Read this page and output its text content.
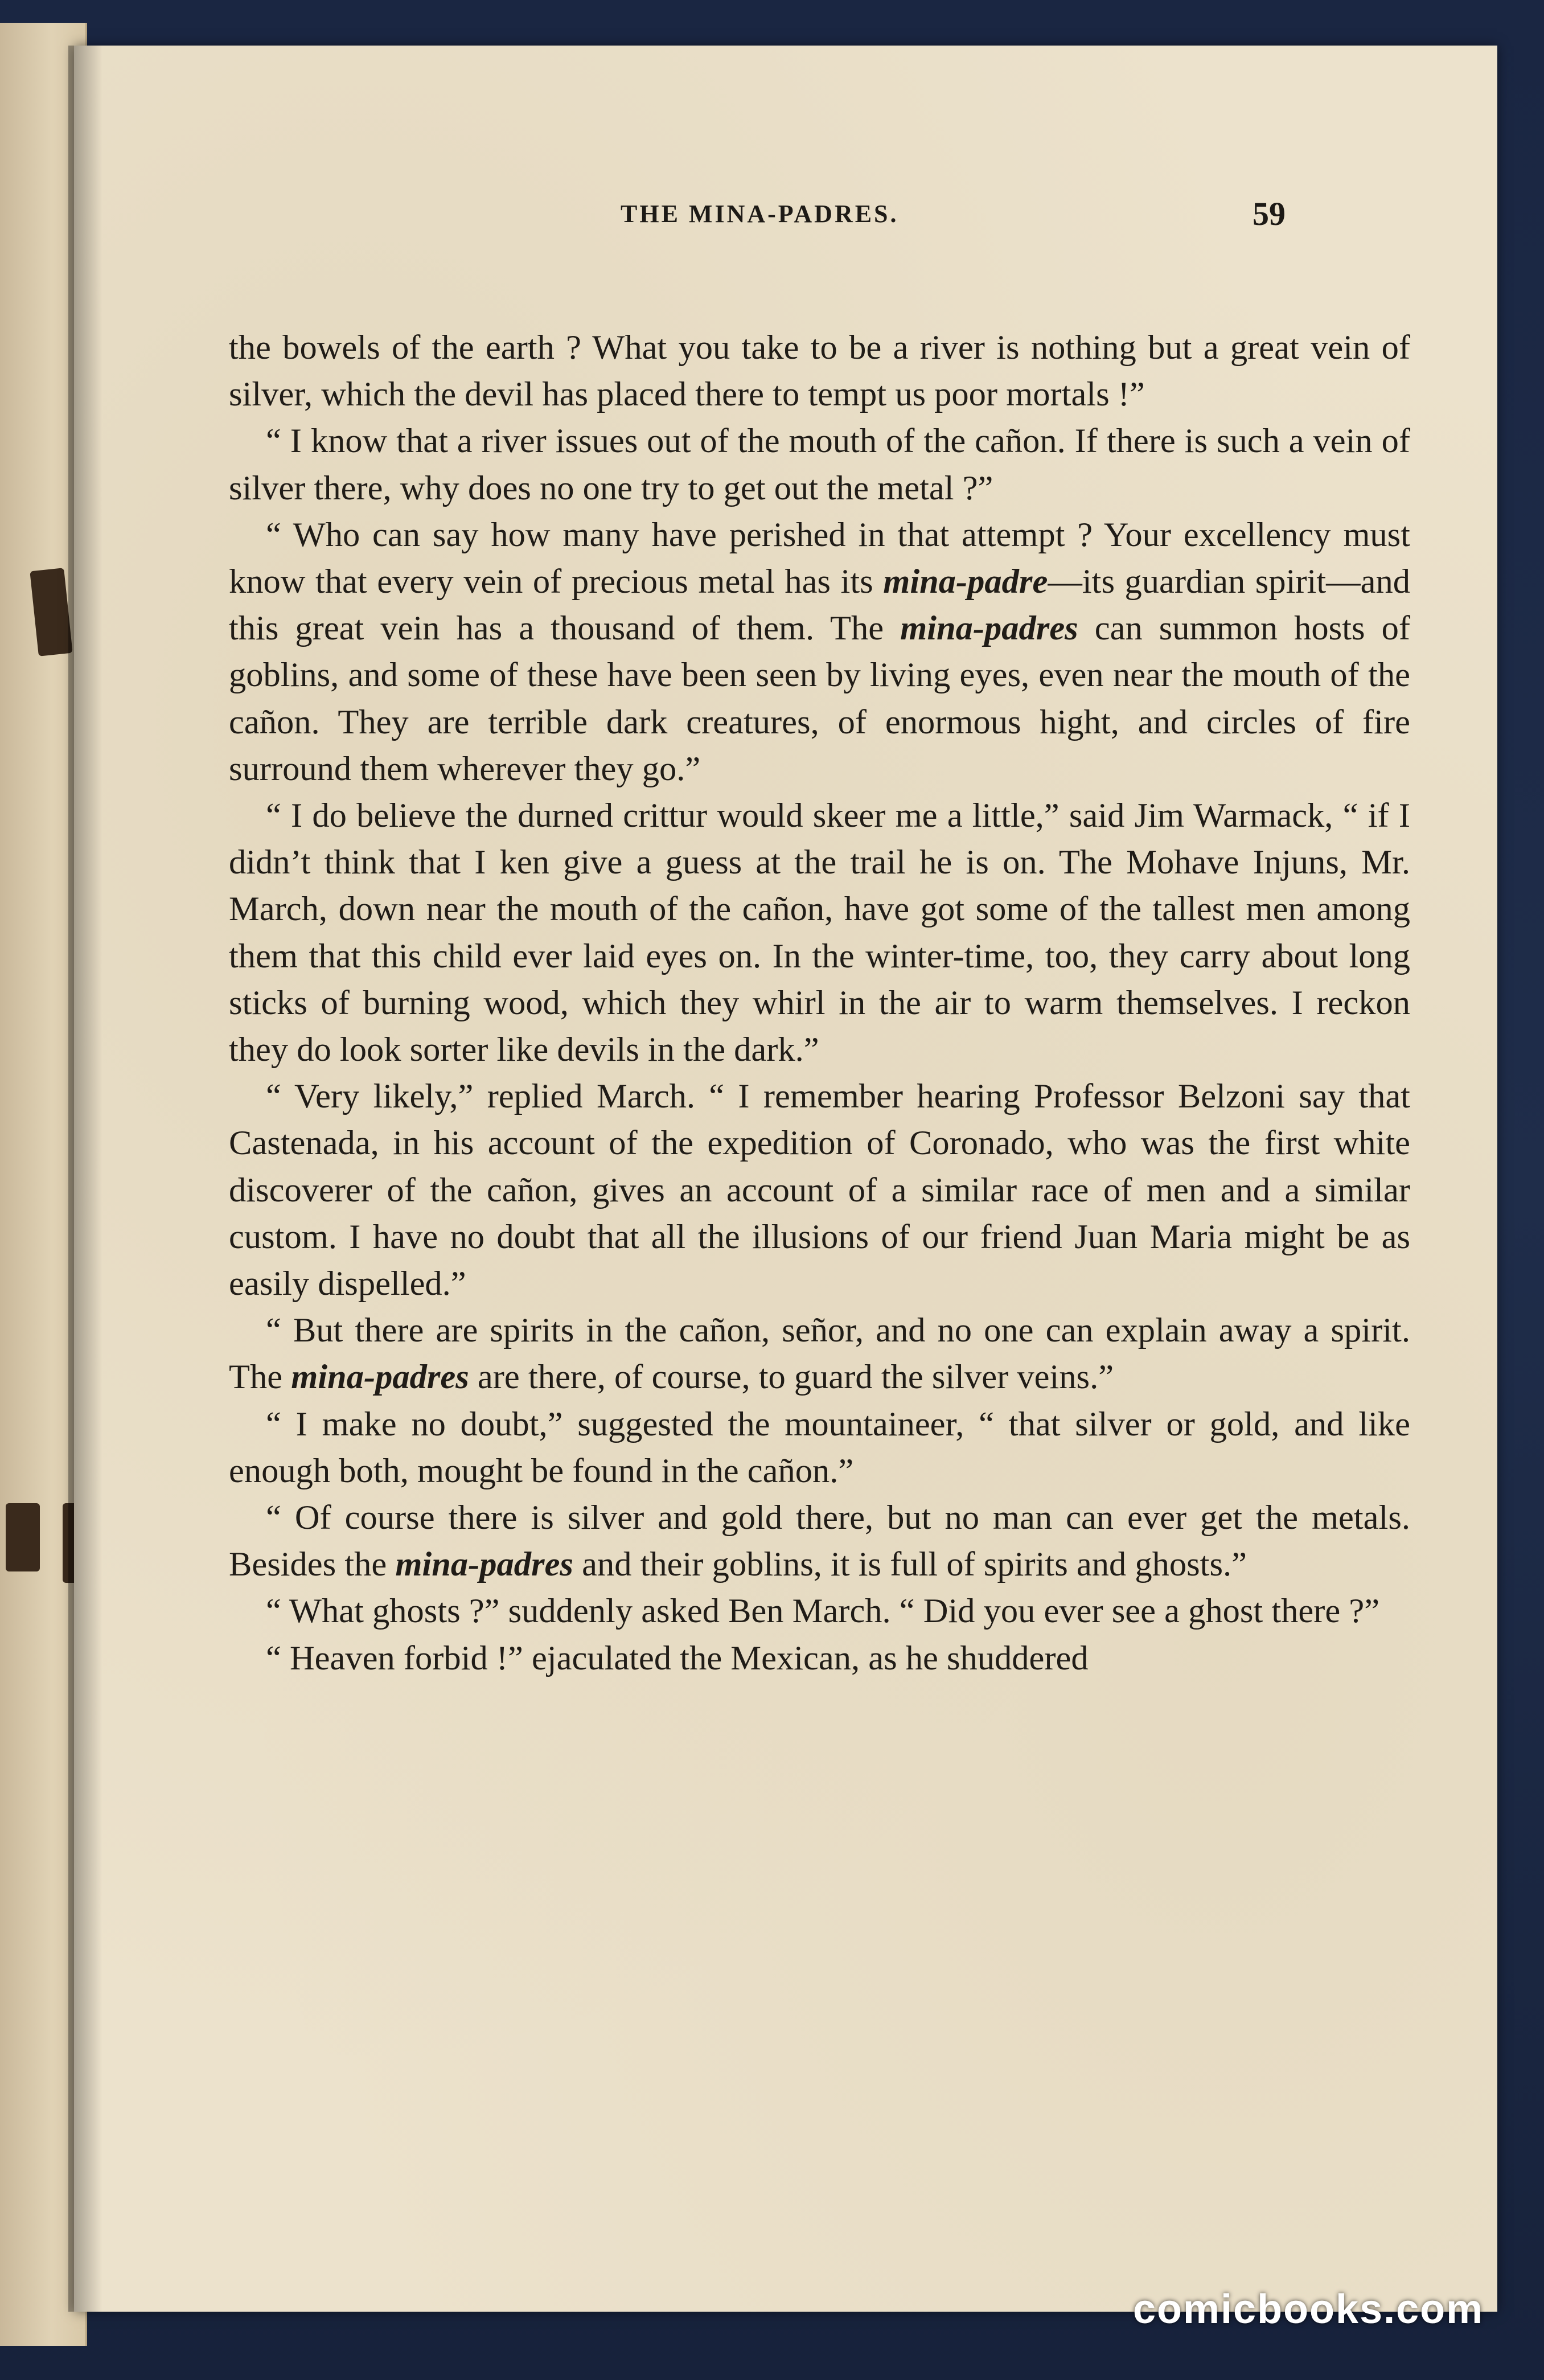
THE MINA-PADRES.	59

the bowels of the earth ? What you take to be a river is nothing but a great vein of silver, which the devil has placed there to tempt us poor mortals !”

“ I know that a river issues out of the mouth of the cañon. If there is such a vein of silver there, why does no one try to get out the metal ?”

“ Who can say how many have perished in that attempt ? Your excellency must know that every vein of precious metal has its mina-padre—its guardian spirit—and this great vein has a thousand of them. The mina-padres can summon hosts of goblins, and some of these have been seen by living eyes, even near the mouth of the cañon. They are terrible dark creatures, of enormous hight, and circles of fire surround them wherever they go.”

“ I do believe the durned crittur would skeer me a little,” said Jim Warmack, “ if I didn’t think that I ken give a guess at the trail he is on. The Mohave Injuns, Mr. March, down near the mouth of the cañon, have got some of the tallest men among them that this child ever laid eyes on. In the winter-time, too, they carry about long sticks of burning wood, which they whirl in the air to warm themselves. I reckon they do look sorter like devils in the dark.”

“ Very likely,” replied March. “ I remember hearing Professor Belzoni say that Castenada, in his account of the expedition of Coronado, who was the first white discoverer of the cañon, gives an account of a similar race of men and a similar custom. I have no doubt that all the illusions of our friend Juan Maria might be as easily dispelled.”

“ But there are spirits in the cañon, señor, and no one can explain away a spirit. The mina-padres are there, of course, to guard the silver veins.”

“ I make no doubt,” suggested the mountaineer, “ that silver or gold, and like enough both, mought be found in the cañon.”

“ Of course there is silver and gold there, but no man can ever get the metals. Besides the mina-padres and their goblins, it is full of spirits and ghosts.”

“ What ghosts ?” suddenly asked Ben March. “ Did you ever see a ghost there ?”

“ Heaven forbid !” ejaculated the Mexican, as he shuddered

comicbooks.com
